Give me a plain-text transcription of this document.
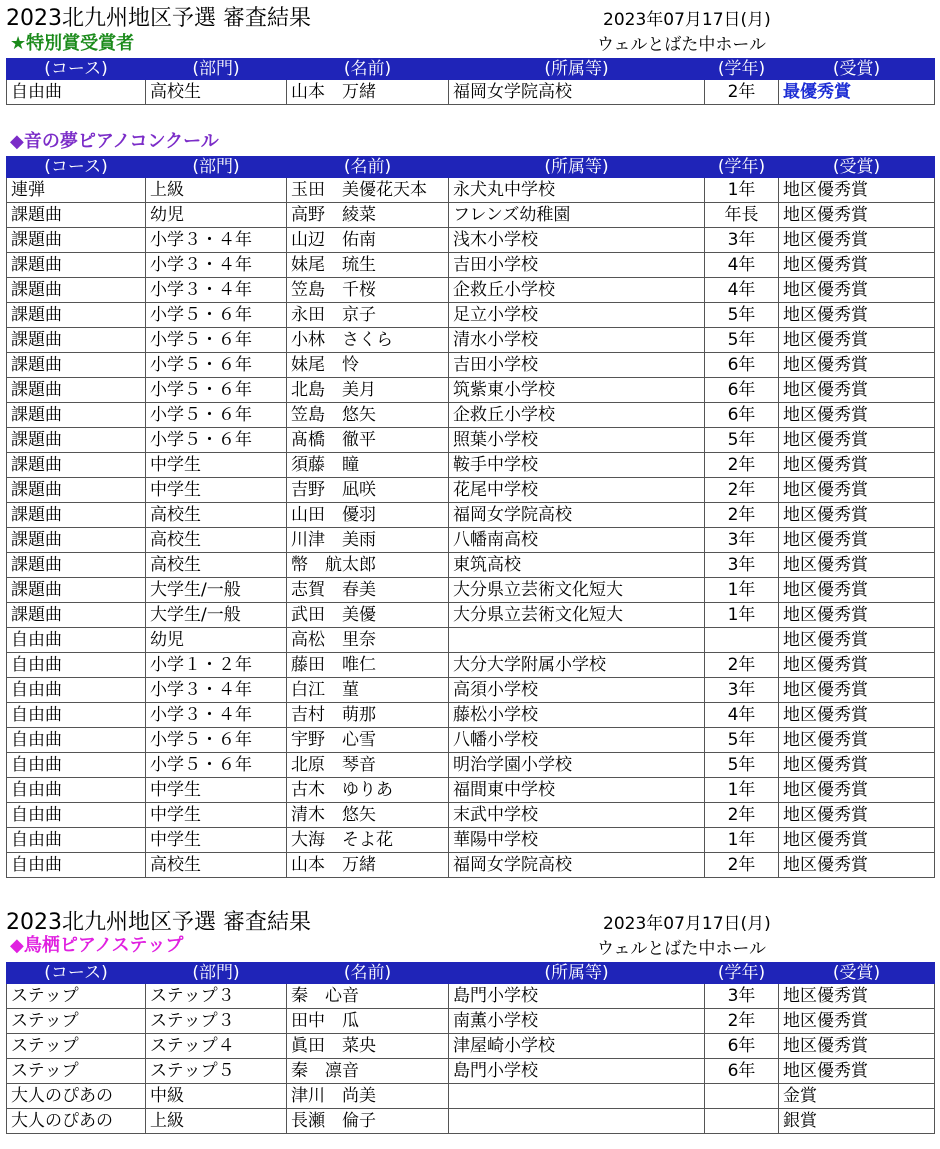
2023北九州地区予選 審査結果	2023年07月17日(月)
ウェルとばた中ホール
★特別賞受賞者
(コース)	(部門)	(名前)	(所属等)	(学年)	(受賞)
自由曲	高校生	山本　万緒	福岡女学院高校	2年	最優秀賞
◆音の夢ピアノコンクール
(コース)	(部門)	(名前)	(所属等)	(学年)	(受賞)
連弾	上級	玉田　美優花天本	永犬丸中学校	1年	地区優秀賞
課題曲	幼児	高野　綾菜	フレンズ幼稚園	年長	地区優秀賞
課題曲	小学３・４年	山辺　佑南	浅木小学校	3年	地区優秀賞
課題曲	小学３・４年	妹尾　琉生	吉田小学校	4年	地区優秀賞
課題曲	小学３・４年	笠島　千桜	企救丘小学校	4年	地区優秀賞
課題曲	小学５・６年	永田　京子	足立小学校	5年	地区優秀賞
課題曲	小学５・６年	小林　さくら	清水小学校	5年	地区優秀賞
課題曲	小学５・６年	妹尾　怜	吉田小学校	6年	地区優秀賞
課題曲	小学５・６年	北島　美月	筑紫東小学校	6年	地区優秀賞
課題曲	小学５・６年	笠島　悠矢	企救丘小学校	6年	地区優秀賞
課題曲	小学５・６年	髙橋　徹平	照葉小学校	5年	地区優秀賞
課題曲	中学生	須藤　瞳	鞍手中学校	2年	地区優秀賞
課題曲	中学生	吉野　凪咲	花尾中学校	2年	地区優秀賞
課題曲	高校生	山田　優羽	福岡女学院高校	2年	地区優秀賞
課題曲	高校生	川津　美雨	八幡南高校	3年	地区優秀賞
課題曲	高校生	幣　航太郎	東筑高校	3年	地区優秀賞
課題曲	大学生/一般	志賀　春美	大分県立芸術文化短大	1年	地区優秀賞
課題曲	大学生/一般	武田　美優	大分県立芸術文化短大	1年	地区優秀賞
自由曲	幼児	高松　里奈			地区優秀賞
自由曲	小学１・２年	藤田　唯仁	大分大学附属小学校	2年	地区優秀賞
自由曲	小学３・４年	白江　菫	高須小学校	3年	地区優秀賞
自由曲	小学３・４年	吉村　萌那	藤松小学校	4年	地区優秀賞
自由曲	小学５・６年	宇野　心雪	八幡小学校	5年	地区優秀賞
自由曲	小学５・６年	北原　琴音	明治学園小学校	5年	地区優秀賞
自由曲	中学生	古木　ゆりあ	福間東中学校	1年	地区優秀賞
自由曲	中学生	清木　悠矢	末武中学校	2年	地区優秀賞
自由曲	中学生	大海　そよ花	華陽中学校	1年	地区優秀賞
自由曲	高校生	山本　万緒	福岡女学院高校	2年	地区優秀賞
2023北九州地区予選 審査結果	2023年07月17日(月)
ウェルとばた中ホール
◆鳥栖ピアノステップ
(コース)	(部門)	(名前)	(所属等)	(学年)	(受賞)
ステップ	ステップ３	秦　心音	島門小学校	3年	地区優秀賞
ステップ	ステップ３	田中　瓜	南薫小学校	2年	地区優秀賞
ステップ	ステップ４	眞田　菜央	津屋崎小学校	6年	地区優秀賞
ステップ	ステップ５	秦　凛音	島門小学校	6年	地区優秀賞
大人のぴあの	中級	津川　尚美			金賞
大人のぴあの	上級	長瀬　倫子			銀賞
